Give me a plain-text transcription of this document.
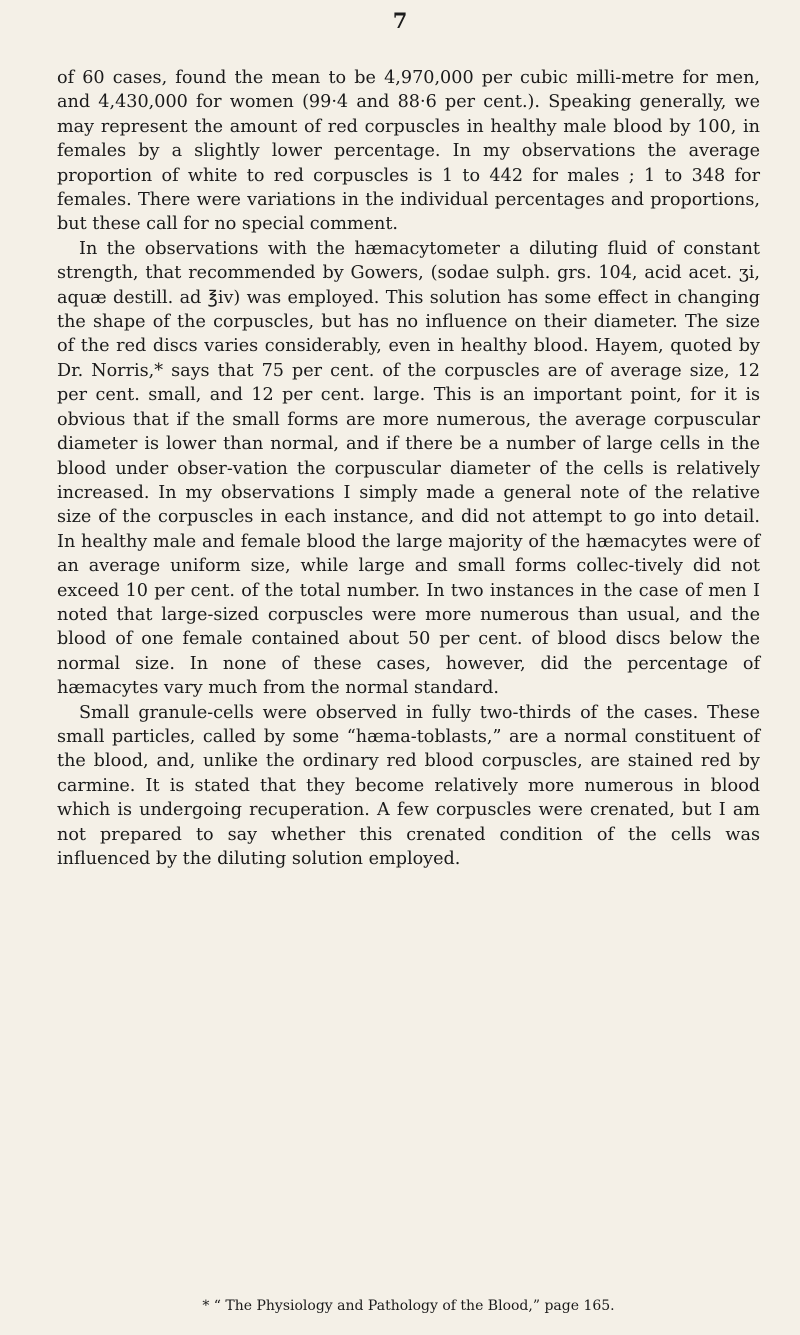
7

of 60 cases, found the mean to be 4,970,000 per cubic milli-metre for men, and 4,430,000 for women (99·4 and 88·6 per cent.). Speaking generally, we may represent the amount of red corpuscles in healthy male blood by 100, in females by a slightly lower percentage. In my observations the average proportion of white to red corpuscles is 1 to 442 for males ; 1 to 348 for females. There were variations in the individual percentages and proportions, but these call for no special comment.

In the observations with the hæmacytometer a diluting fluid of constant strength, that recommended by Gowers, (sodae sulph. grs. 104, acid acet. ʒi, aquæ destill. ad ℥iv) was employed. This solution has some effect in changing the shape of the corpuscles, but has no influence on their diameter. The size of the red discs varies considerably, even in healthy blood. Hayem, quoted by Dr. Norris,* says that 75 per cent. of the corpuscles are of average size, 12 per cent. small, and 12 per cent. large. This is an important point, for it is obvious that if the small forms are more numerous, the average corpuscular diameter is lower than normal, and if there be a number of large cells in the blood under obser-vation the corpuscular diameter of the cells is relatively increased. In my observations I simply made a general note of the relative size of the corpuscles in each instance, and did not attempt to go into detail. In healthy male and female blood the large majority of the hæmacytes were of an average uniform size, while large and small forms collec-tively did not exceed 10 per cent. of the total number. In two instances in the case of men I noted that large-sized corpuscles were more numerous than usual, and the blood of one female contained about 50 per cent. of blood discs below the normal size. In none of these cases, however, did the percentage of hæmacytes vary much from the normal standard.

Small granule-cells were observed in fully two-thirds of the cases. These small particles, called by some “hæma-toblasts,” are a normal constituent of the blood, and, unlike the ordinary red blood corpuscles, are stained red by carmine. It is stated that they become relatively more numerous in blood which is undergoing recuperation. A few corpuscles were crenated, but I am not prepared to say whether this crenated condition of the cells was influenced by the diluting solution employed.

* “ The Physiology and Pathology of the Blood,” page 165.
